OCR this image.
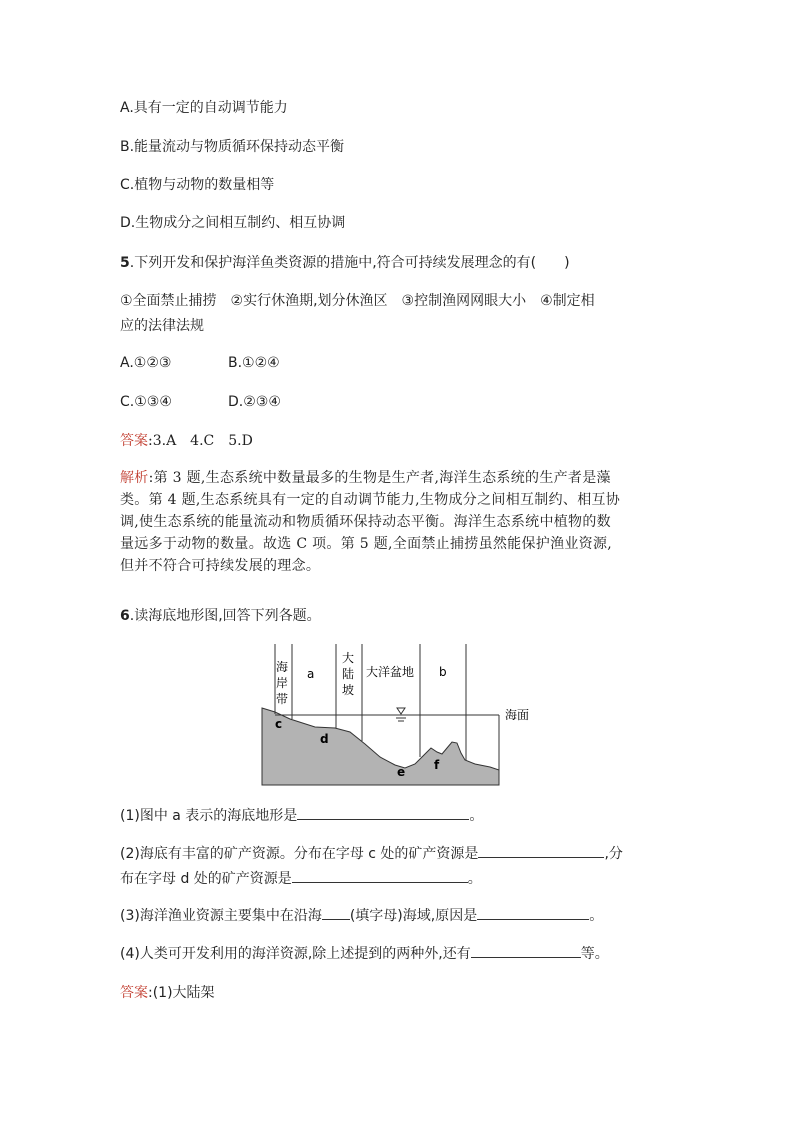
A.具有一定的自动调节能力
B.能量流动与物质循环保持动态平衡
C.植物与动物的数量相等
D.生物成分之间相互制约、相互协调
5.下列开发和保护海洋鱼类资源的措施中,符合可持续发展理念的有(　　)
①全面禁止捕捞　②实行休渔期,划分休渔区　③控制渔网网眼大小　④制定相
应的法律法规
A.①②③	B.①②④
C.①③④	D.②③④
答案:3.A　4.C　5.D

解析:第 3 题,生态系统中数量最多的生物是生产者,海洋生态系统的生产者是藻

类。第 4 题,生态系统具有一定的自动调节能力,生物成分之间相互制约、相互协

调,使生态系统的能量流动和物质循环保持动态平衡。海洋生态系统中植物的数

量远多于动物的数量。故选 C 项。第 5 题,全面禁止捕捞虽然能保护渔业资源,

但并不符合可持续发展的理念。

6.读海底地形图,回答下列各题。
海
岸
带
a
大
陆
坡
大洋盆地 b
海面
c
d
e f
(1)图中 a 表示的海底地形是	。
(2)海底有丰富的矿产资源。分布在字母 c 处的矿产资源是	,分
布在字母 d 处的矿产资源是	。
(3)海洋渔业资源主要集中在沿海 (填字母)海域,原因是	。
(4)人类可开发利用的海洋资源,除上述提到的两种外,还有	等。
答案:(1)大陆架
